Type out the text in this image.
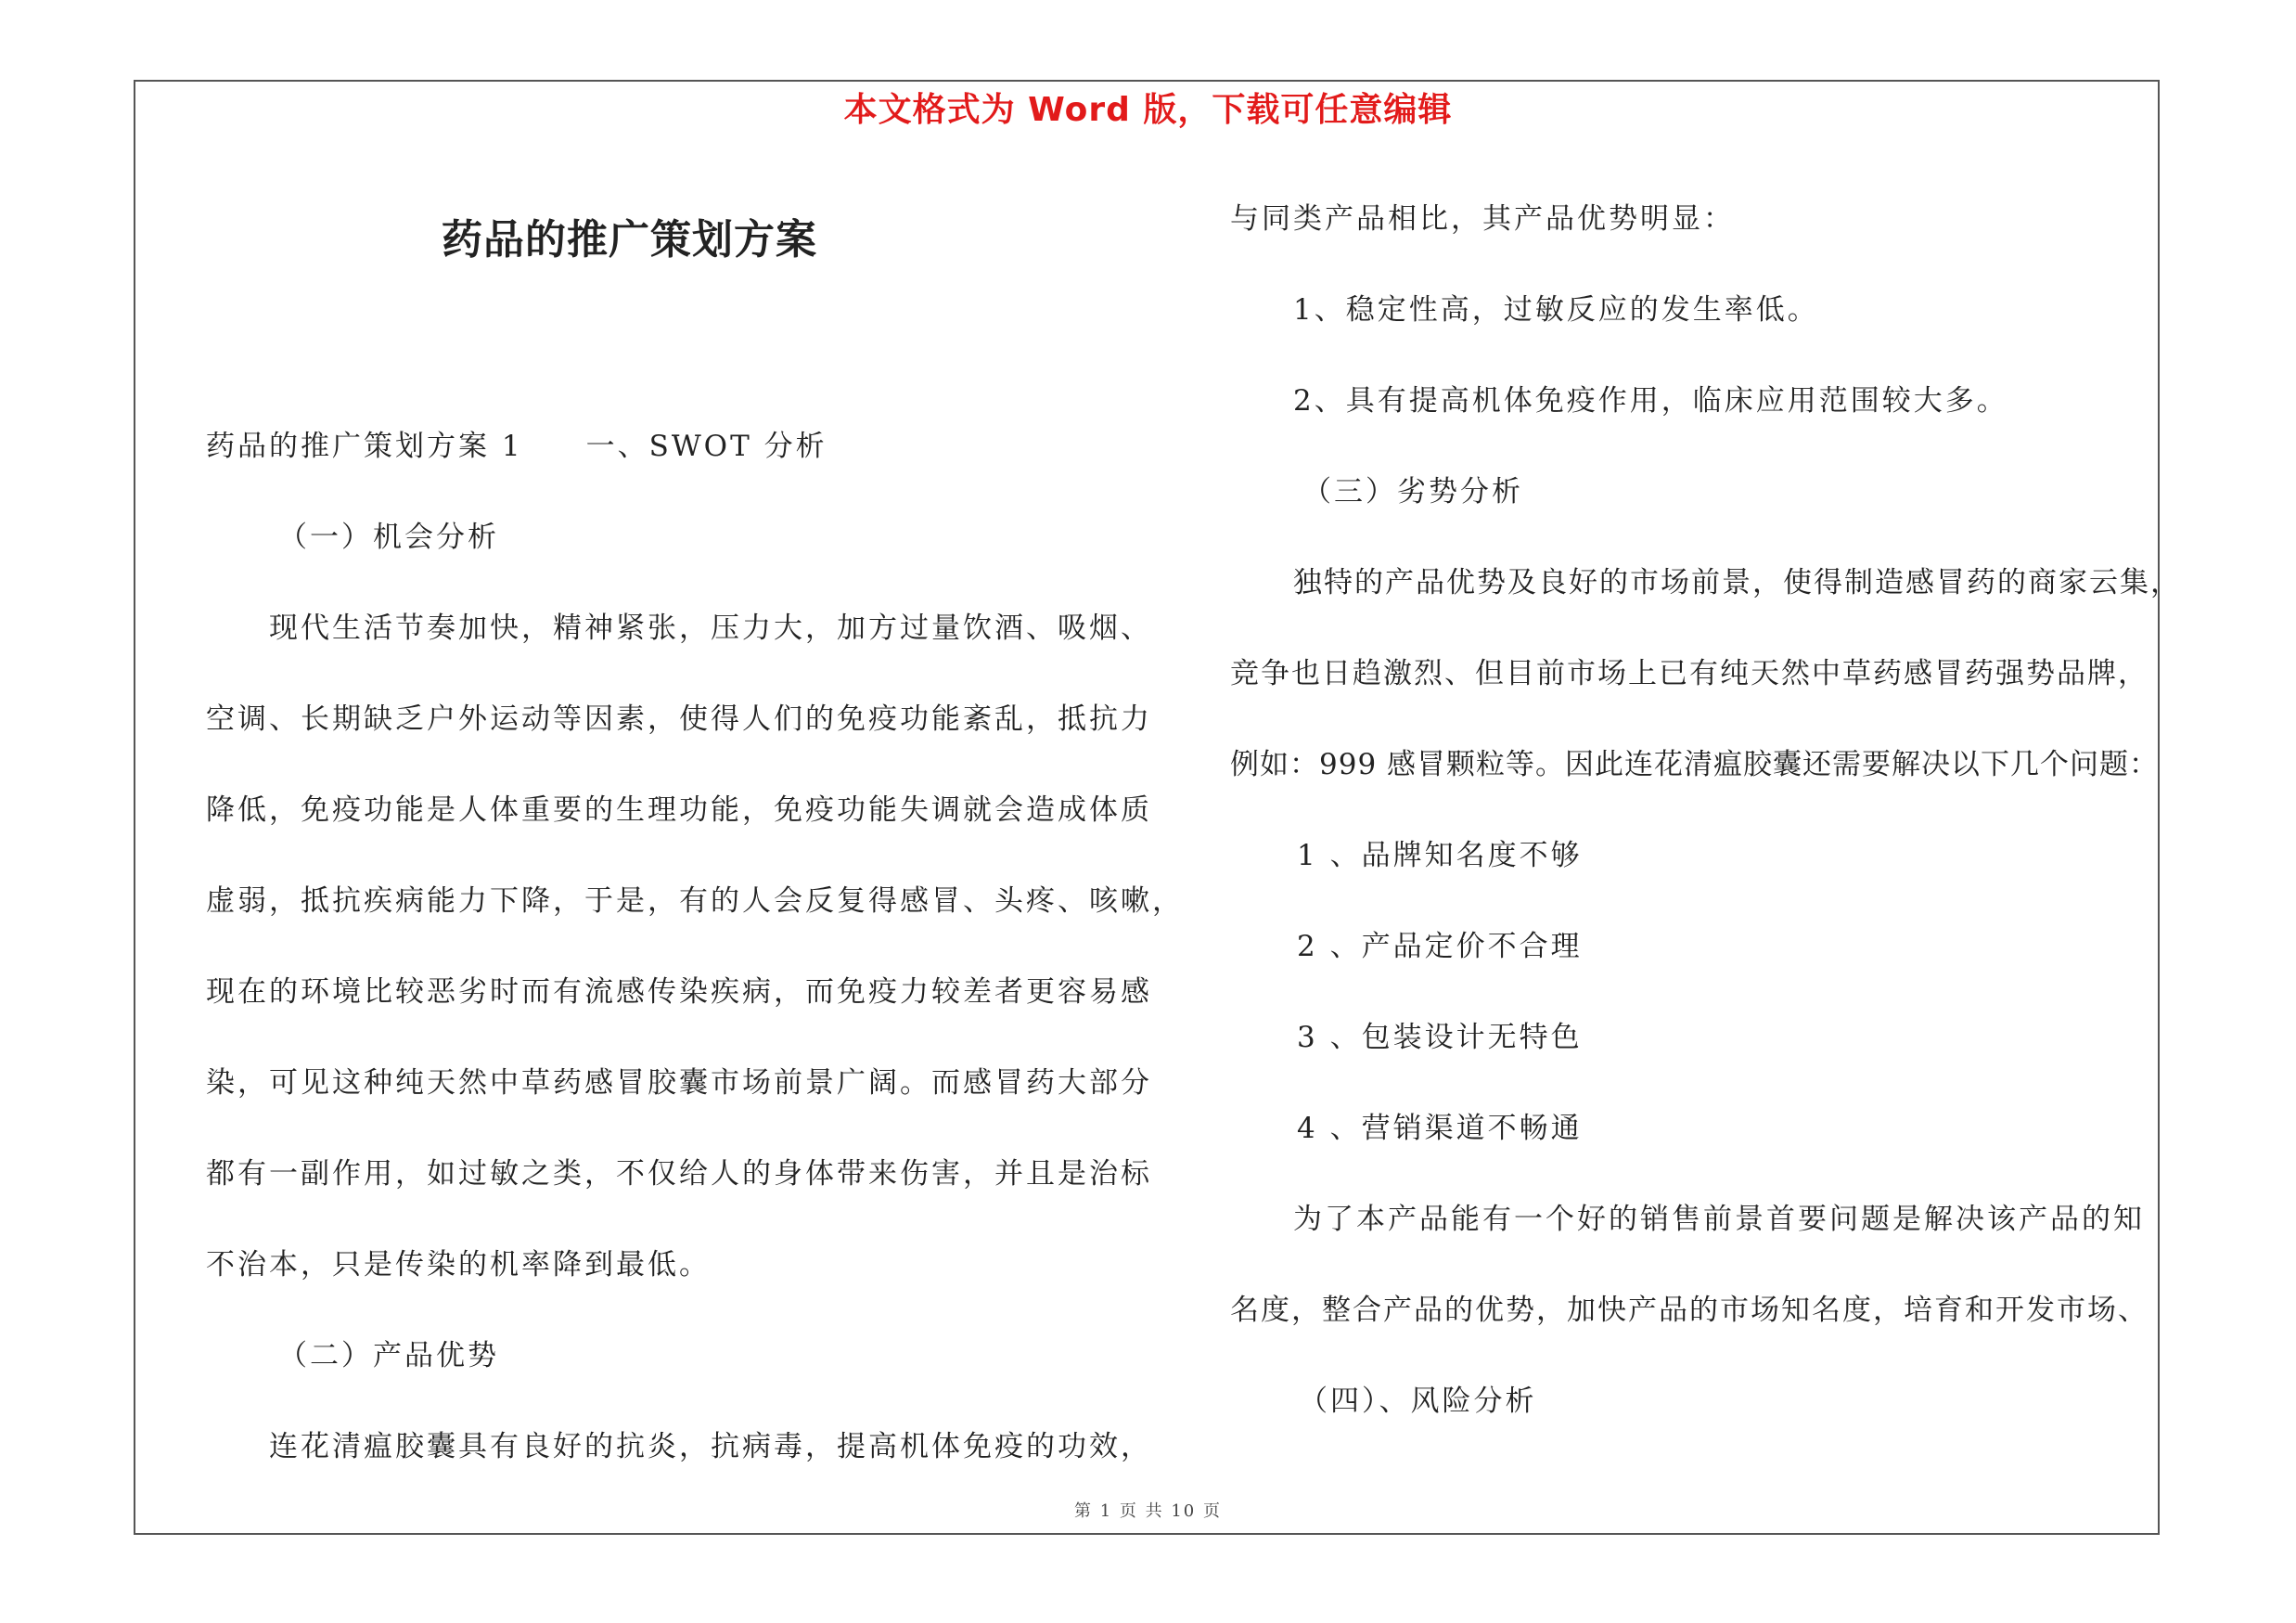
本文格式为 Word 版，下载可任意编辑
药品的推广策划方案
药品的推广策划方案 1　　一、SWOT 分析
（一）机会分析
现代生活节奏加快，精神紧张，压力大，加方过量饮酒、吸烟、
空调、长期缺乏户外运动等因素，使得人们的免疫功能紊乱，抵抗力
降低，免疫功能是人体重要的生理功能，免疫功能失调就会造成体质
虚弱，抵抗疾病能力下降，于是，有的人会反复得感冒、头疼、咳嗽，
现在的环境比较恶劣时而有流感传染疾病，而免疫力较差者更容易感
染，可见这种纯天然中草药感冒胶囊市场前景广阔。而感冒药大部分
都有一副作用，如过敏之类，不仅给人的身体带来伤害，并且是治标
不治本，只是传染的机率降到最低。
（二）产品优势
连花清瘟胶囊具有良好的抗炎，抗病毒，提高机体免疫的功效，
与同类产品相比，其产品优势明显：
1、稳定性高，过敏反应的发生率低。
2、具有提高机体免疫作用，临床应用范围较大多。
（三）劣势分析
独特的产品优势及良好的市场前景，使得制造感冒药的商家云集，
竞争也日趋激烈、但目前市场上已有纯天然中草药感冒药强势品牌，
例如：999 感冒颗粒等。因此连花清瘟胶囊还需要解决以下几个问题：
1 、品牌知名度不够
2 、产品定价不合理
3 、包装设计无特色
4 、营销渠道不畅通
为了本产品能有一个好的销售前景首要问题是解决该产品的知
名度，整合产品的优势，加快产品的市场知名度，培育和开发市场、
（四）、风险分析
第 1 页 共 10 页
